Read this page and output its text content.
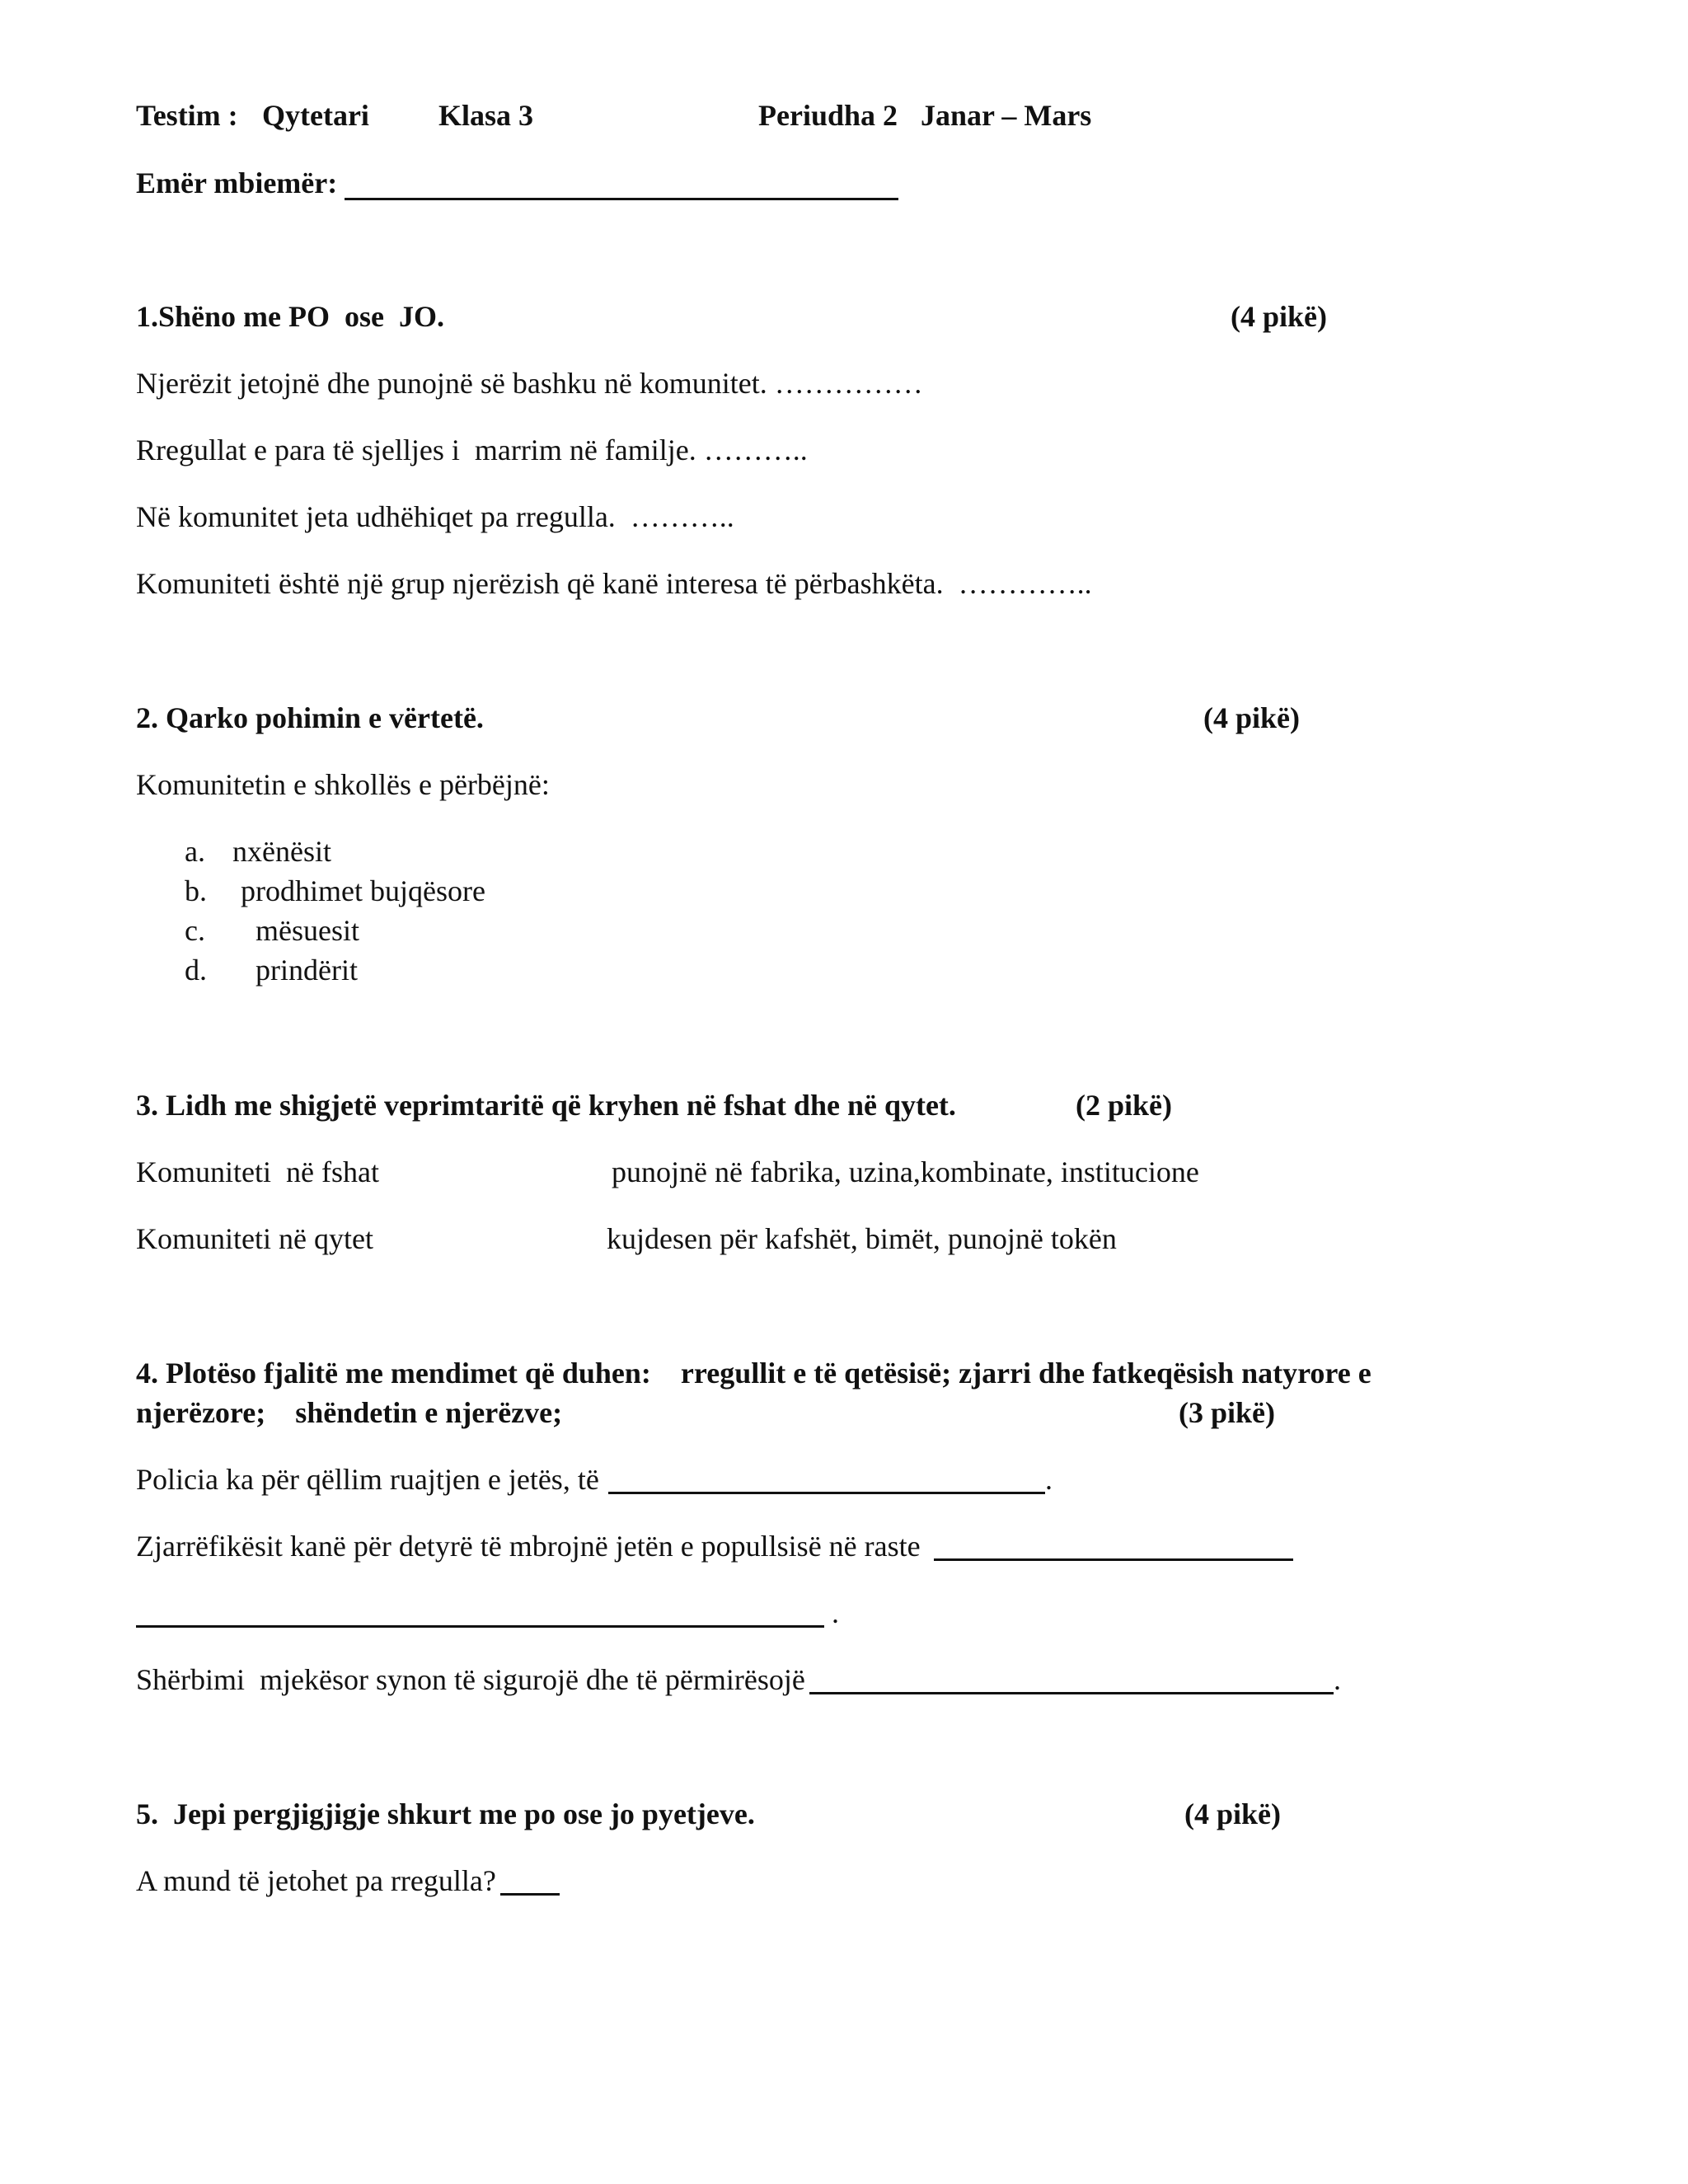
Testim : Qytetari Klasa 3	Periudha 2 Janar – Mars
Emër mbiemër:
1.Shëno me PO  ose  JO.	(4 pikë)
Njerëzit jetojnë dhe punojnë së bashku në komunitet. ……………
Rregullat e para të sjelljes i  marrim në familje. ………..
Në komunitet jeta udhëhiqet pa rregulla.  ………..
Komuniteti është një grup njerëzish që kanë interesa të përbashkëta.  …………..
2. Qarko pohimin e vërtetë.	(4 pikë)
Komunitetin e shkollës e përbëjnë:
a. nxënësit
b. prodhimet bujqësore
c. mësuesit
d. prindërit
3. Lidh me shigjetë veprimtaritë që kryhen në fshat dhe në qytet.	(2 pikë)
Komuniteti  në fshat	punojnë në fabrika, uzina,kombinate, institucione
Komuniteti në qytet	kujdesen për kafshët, bimët, punojnë tokën
4. Plotëso fjalitë me mendimet që duhen:    rregullit e të qetësisë; zjarri dhe fatkeqësish natyrore e
njerëzore;    shëndetin e njerëzve;	(3 pikë)
Policia ka për qëllim ruajtjen e jetës, të	.
Zjarrëfikësit kanë për detyrë të mbrojnë jetën e popullsisë në raste
.
Shërbimi  mjekësor synon të sigurojë dhe të përmirësojë	.
5.  Jepi pergjigjigje shkurt me po ose jo pyetjeve.	(4 pikë)
A mund të jetohet pa rregulla?
